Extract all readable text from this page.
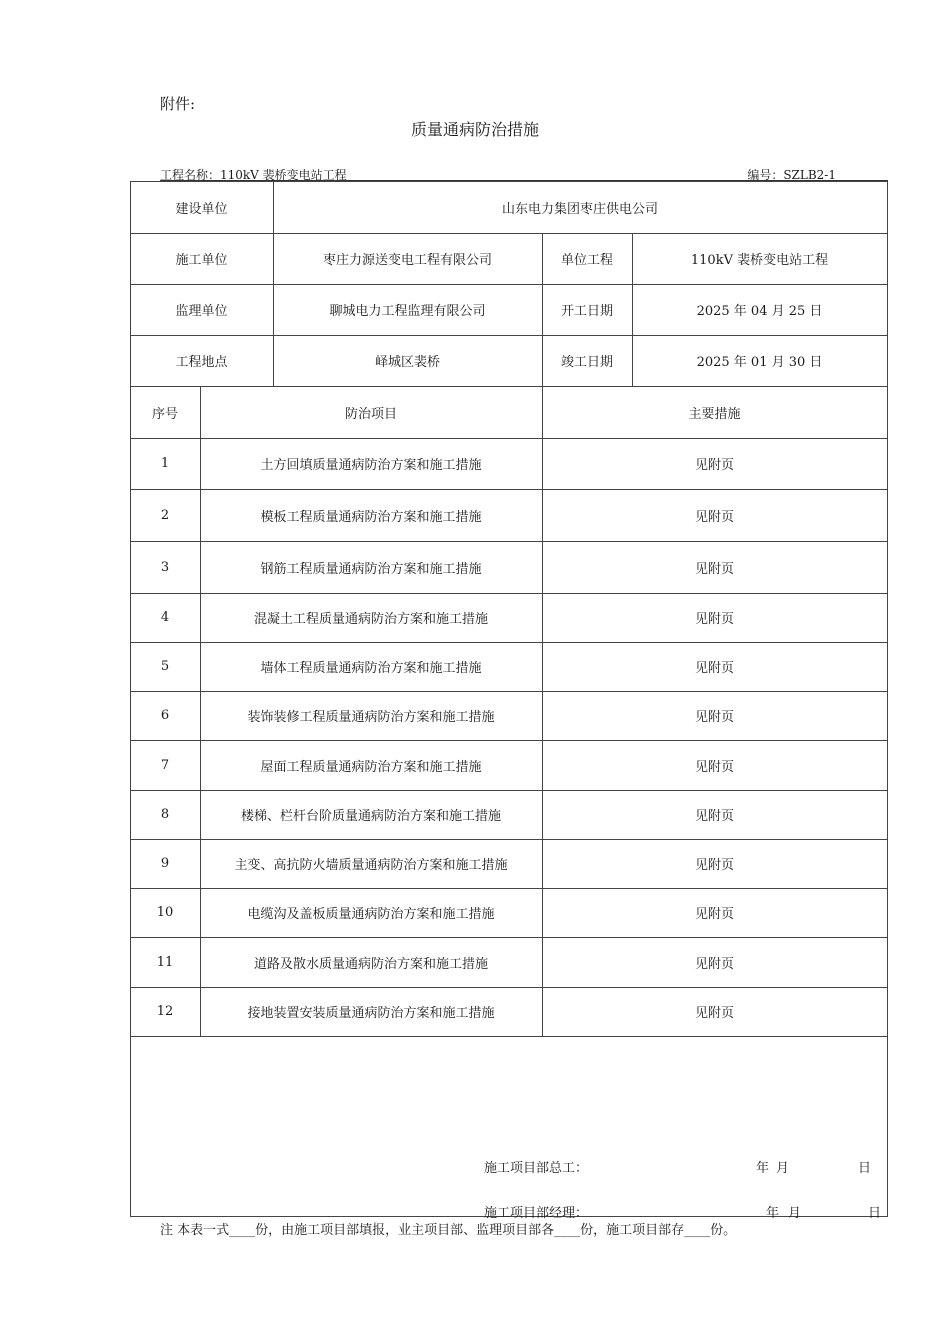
附件:
质量通病防治措施
工程名称：110kV 裴桥变电站工程	编号：SZLB2-1
建设单位	山东电力集团枣庄供电公司
施工单位	枣庄力源送变电工程有限公司	单位工程	110kV 裴桥变电站工程
监理单位	聊城电力工程监理有限公司	开工日期	2025 年 04 月 25 日
工程地点	峄城区裴桥	竣工日期	2025 年 01 月 30 日
序号	防治项目	主要措施
1	土方回填质量通病防治方案和施工措施	见附页
2	模板工程质量通病防治方案和施工措施	见附页
3	钢筋工程质量通病防治方案和施工措施	见附页
4	混凝土工程质量通病防治方案和施工措施	见附页
5	墙体工程质量通病防治方案和施工措施	见附页
6	装饰装修工程质量通病防治方案和施工措施	见附页
7	屋面工程质量通病防治方案和施工措施	见附页
8	楼梯、栏杆台阶质量通病防治方案和施工措施	见附页
9	主变、高抗防火墙质量通病防治方案和施工措施	见附页
10	电缆沟及盖板质量通病防治方案和施工措施	见附页
11	道路及散水质量通病防治方案和施工措施	见附页
12	接地装置安装质量通病防治方案和施工措施	见附页
施工项目部总工：	年 月	日
施工项目部经理：	年 月	日
注 本表一式____份，由施工项目部填报，业主项目部、监理项目部各____份，施工项目部存____份。
